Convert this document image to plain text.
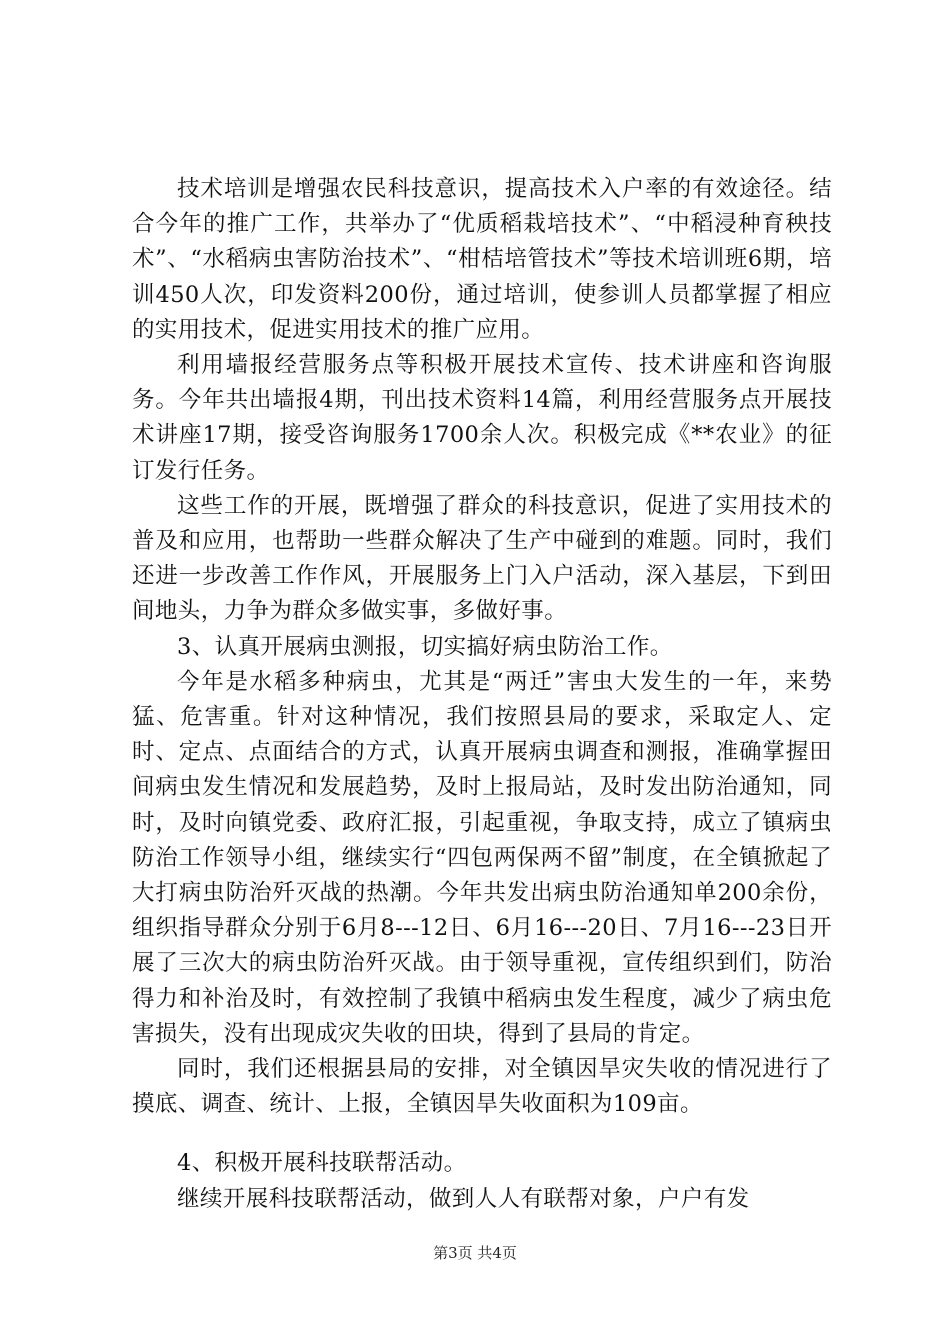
技术培训是增强农民科技意识，提高技术入户率的有效途径。结合今年的推广工作，共举办了“优质稻栽培技术”、“中稻浸种育秧技术”、“水稻病虫害防治技术”、“柑桔培管技术”等技术培训班6期，培训450人次，印发资料200份，通过培训，使参训人员都掌握了相应的实用技术，促进实用技术的推广应用。

利用墙报经营服务点等积极开展技术宣传、技术讲座和咨询服务。今年共出墙报4期，刊出技术资料14篇，利用经营服务点开展技术讲座17期，接受咨询服务1700余人次。积极完成《**农业》的征订发行任务。

这些工作的开展，既增强了群众的科技意识，促进了实用技术的普及和应用，也帮助一些群众解决了生产中碰到的难题。同时，我们还进一步改善工作作风，开展服务上门入户活动，深入基层，下到田间地头，力争为群众多做实事，多做好事。

3、认真开展病虫测报，切实搞好病虫防治工作。

今年是水稻多种病虫，尤其是“两迁”害虫大发生的一年，来势猛、危害重。针对这种情况，我们按照县局的要求，采取定人、定时、定点、点面结合的方式，认真开展病虫调查和测报，准确掌握田间病虫发生情况和发展趋势，及时上报局站，及时发出防治通知，同时，及时向镇党委、政府汇报，引起重视，争取支持，成立了镇病虫防治工作领导小组，继续实行“四包两保两不留”制度，在全镇掀起了大打病虫防治歼灭战的热潮。今年共发出病虫防治通知单200余份，组织指导群众分别于6月8---12日、6月16---20日、7月16---23日开展了三次大的病虫防治歼灭战。由于领导重视，宣传组织到们，防治得力和补治及时，有效控制了我镇中稻病虫发生程度，减少了病虫危害损失，没有出现成灾失收的田块，得到了县局的肯定。

同时，我们还根据县局的安排，对全镇因旱灾失收的情况进行了摸底、调查、统计、上报，全镇因旱失收面积为109亩。

4、积极开展科技联帮活动。

继续开展科技联帮活动，做到人人有联帮对象，户户有发

第3页 共4页
